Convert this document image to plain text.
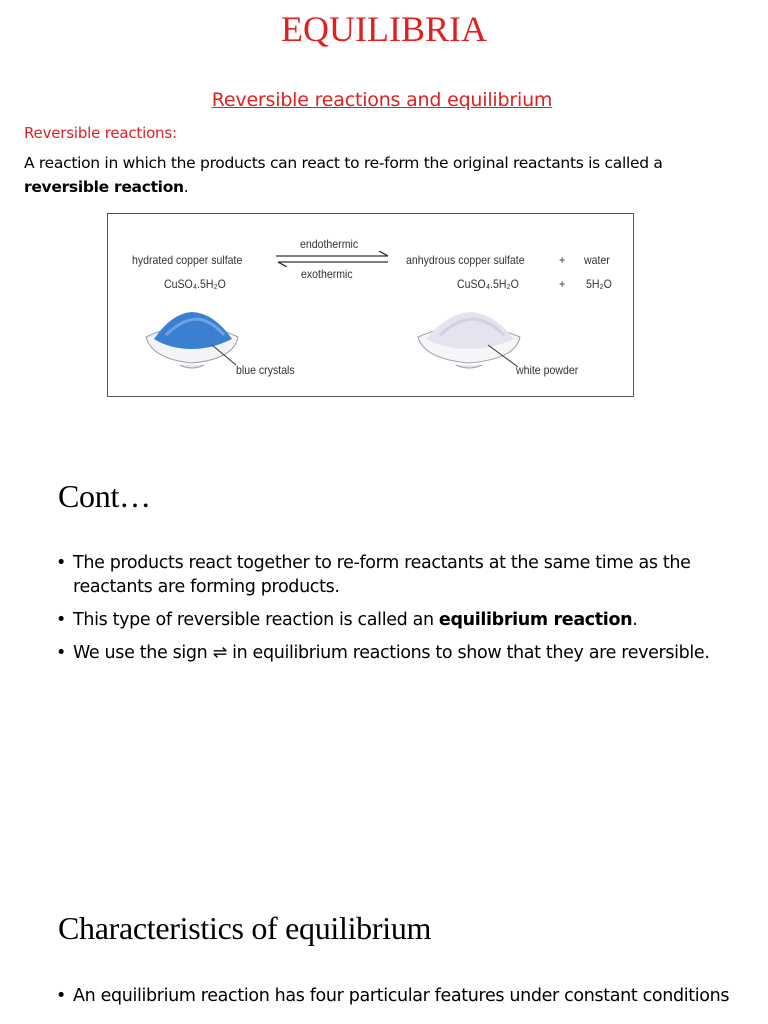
EQUILIBRIA
Reversible reactions and equilibrium
Reversible reactions:
A reaction in which the products can react to re-form the original reactants is called a
reversible reaction.
hydrated copper sulfate
CuSO₄.5H₂O
endothermic
exothermic
anhydrous copper sulfate
CuSO₄.5H₂O
+
+
water
5H₂O
blue crystals	white powder
Cont…
• The products react together to re-form reactants at the same time as the reactants are forming products.
• This type of reversible reaction is called an equilibrium reaction.
• We use the sign ⇌ in equilibrium reactions to show that they are reversible.
Characteristics of equilibrium
• An equilibrium reaction has four particular features under constant conditions
